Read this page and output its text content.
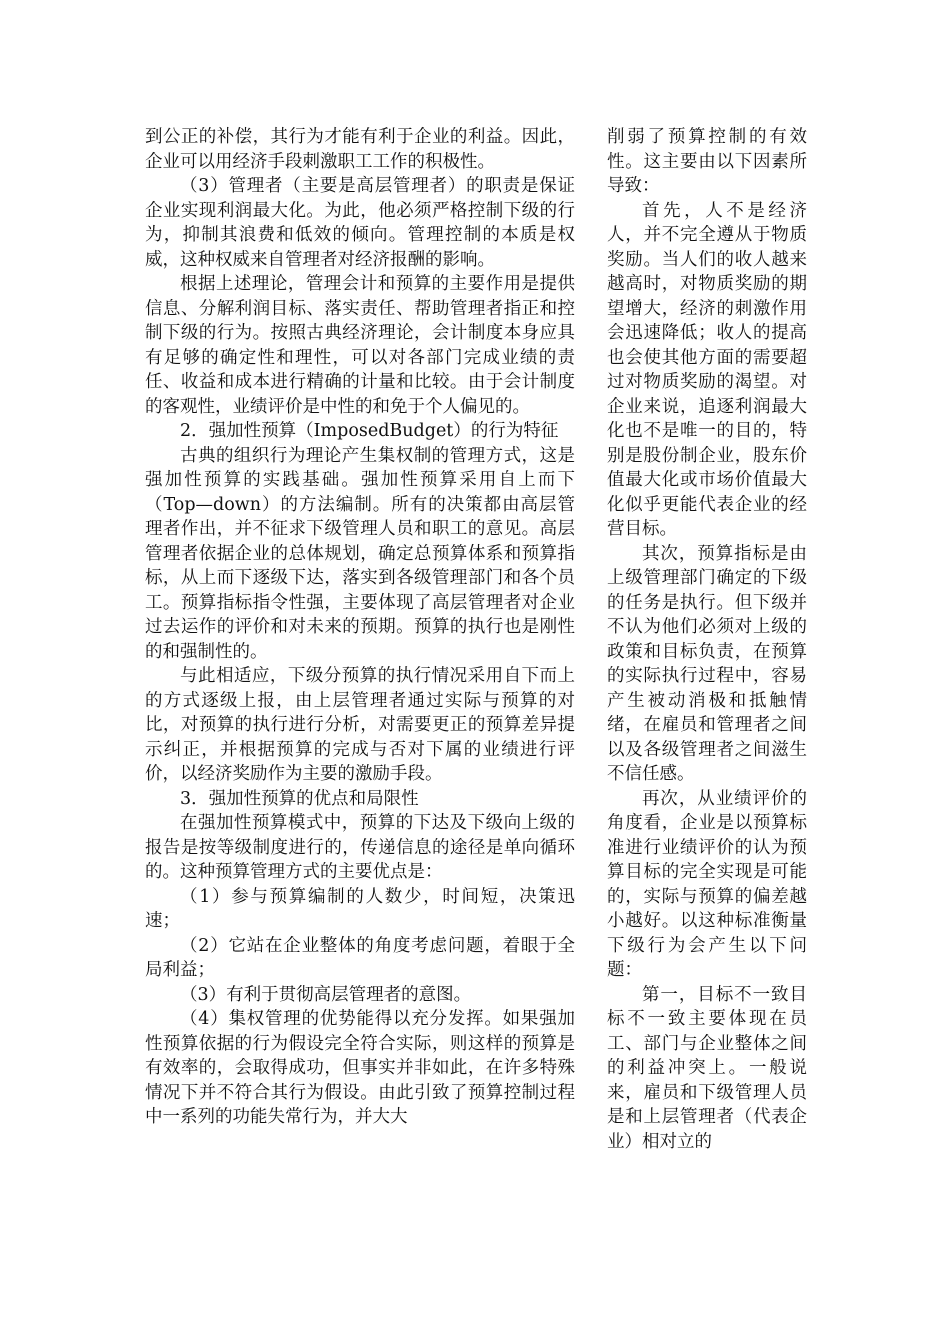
到公正的补偿，其行为才能有利于企业的利益。因此，企业可以用经济手段刺激职工工作的积极性。

（3）管理者（主要是高层管理者）的职责是保证企业实现利润最大化。为此，他必须严格控制下级的行为，抑制其浪费和低效的倾向。管理控制的本质是权威，这种权威来自管理者对经济报酬的影响。

根据上述理论，管理会计和预算的主要作用是提供信息、分解利润目标、落实责任、帮助管理者指正和控制下级的行为。按照古典经济理论，会计制度本身应具有足够的确定性和理性，可以对各部门完成业绩的责任、收益和成本进行精确的计量和比较。由于会计制度的客观性，业绩评价是中性的和免于个人偏见的。

2．强加性预算（ImposedBudget）的行为特征

古典的组织行为理论产生集权制的管理方式，这是强加性预算的实践基础。强加性预算采用自上而下（Top—down）的方法编制。所有的决策都由高层管理者作出，并不征求下级管理人员和职工的意见。高层管理者依据企业的总体规划，确定总预算体系和预算指标，从上而下逐级下达，落实到各级管理部门和各个员工。预算指标指令性强，主要体现了高层管理者对企业过去运作的评价和对未来的预期。预算的执行也是刚性的和强制性的。

与此相适应，下级分预算的执行情况采用自下而上的方式逐级上报，由上层管理者通过实际与预算的对比，对预算的执行进行分析，对需要更正的预算差异提示纠正，并根据预算的完成与否对下属的业绩进行评价，以经济奖励作为主要的激励手段。

3．强加性预算的优点和局限性

在强加性预算模式中，预算的下达及下级向上级的报告是按等级制度进行的，传递信息的途径是单向循环的。这种预算管理方式的主要优点是：

（1）参与预算编制的人数少，时间短，决策迅速；

（2）它站在企业整体的角度考虑问题，着眼于全局利益；

（3）有利于贯彻高层管理者的意图。

（4）集权管理的优势能得以充分发挥。如果强加性预算依据的行为假设完全符合实际，则这样的预算是有效率的，会取得成功，但事实并非如此，在许多特殊情况下并不符合其行为假设。由此引致了预算控制过程中一系列的功能失常行为，并大大

削弱了预算控制的有效性。这主要由以下因素所导致：

首先，人不是经济人，并不完全遵从于物质奖励。当人们的收人越来越高时，对物质奖励的期望增大，经济的刺激作用会迅速降低；收人的提高也会使其他方面的需要超过对物质奖励的渴望。对企业来说，追逐利润最大化也不是唯一的目的，特别是股份制企业，股东价值最大化或市场价值最大化似乎更能代表企业的经营目标。

其次，预算指标是由上级管理部门确定的下级的任务是执行。但下级并不认为他们必须对上级的政策和目标负责，在预算的实际执行过程中，容易产生被动消极和抵触情绪，在雇员和管理者之间以及各级管理者之间滋生不信任感。

再次，从业绩评价的角度看，企业是以预算标准进行业绩评价的认为预算目标的完全实现是可能的，实际与预算的偏差越小越好。以这种标准衡量下级行为会产生以下问题：

第一，目标不一致目标不一致主要体现在员工、部门与企业整体之间的利益冲突上。一般说来，雇员和下级管理人员是和上层管理者（代表企业）相对立的
